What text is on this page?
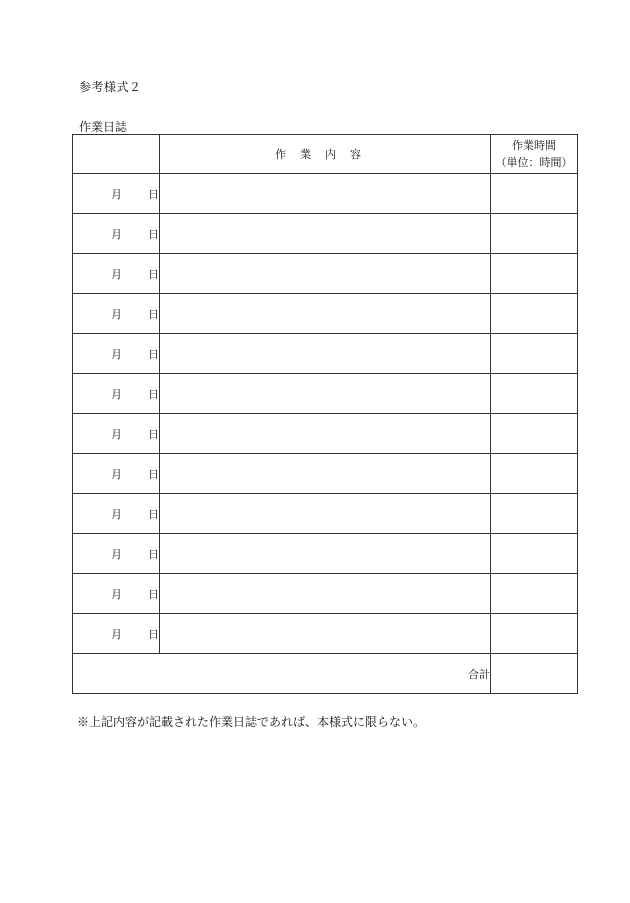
参考様式２
作業日誌
	作業内容	作業時間
（単位：時間）

月 日		
月 日		
月 日		
月 日		
月 日		
月 日		
月 日		
月 日		
月 日		
月 日		
月 日		
月 日		
合計		
※上記内容が記載された作業日誌であれば、本様式に限らない。
